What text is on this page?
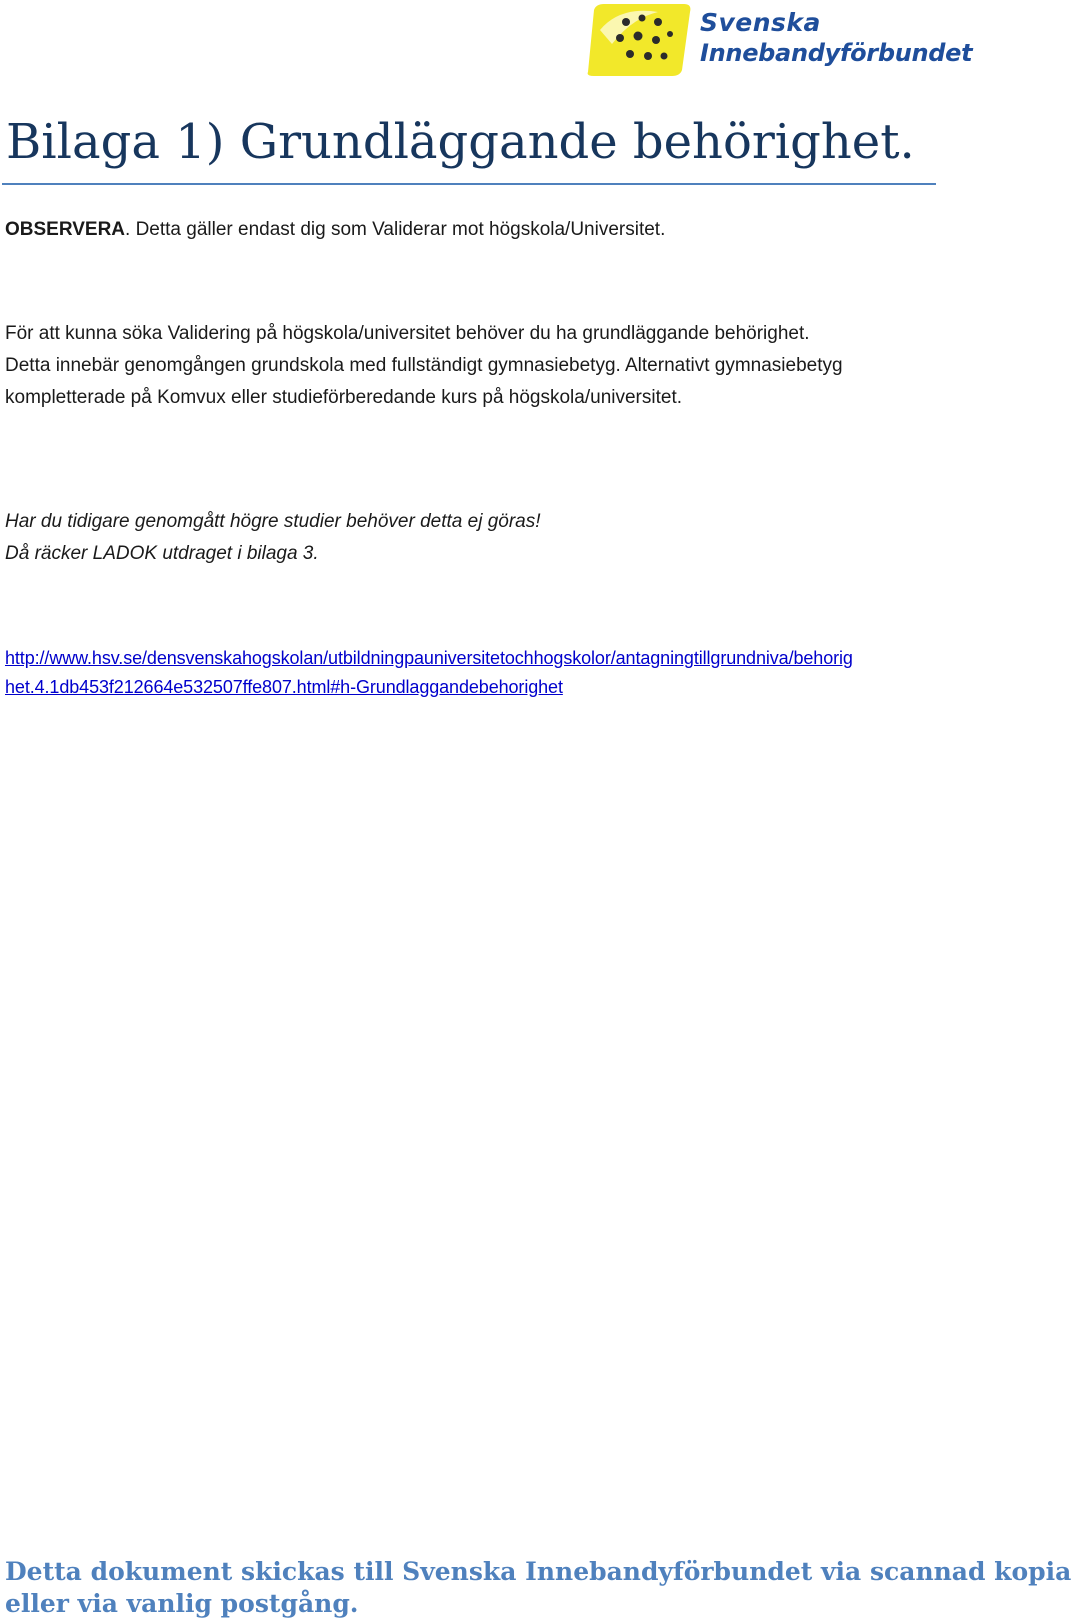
Svenska
Innebandyförbundet
Bilaga 1) Grundläggande behörighet.

OBSERVERA. Detta gäller endast dig som Validerar mot högskola/Universitet.

För att kunna söka Validering på högskola/universitet behöver du ha grundläggande behörighet.
Detta innebär genomgången grundskola med fullständigt gymnasiebetyg. Alternativt gymnasiebetyg
kompletterade på Komvux eller studieförberedande kurs på högskola/universitet.

Har du tidigare genomgått högre studier behöver detta ej göras!
Då räcker LADOK utdraget i bilaga 3.

http://www.hsv.se/densvenskahogskolan/utbildningpauniversitetochhogskolor/antagningtillgrundniva/behorig
het.4.1db453f212664e532507ffe807.html#h-Grundlaggandebehorighet

Detta dokument skickas till Svenska Innebandyförbundet via scannad kopia
eller via vanlig postgång.
